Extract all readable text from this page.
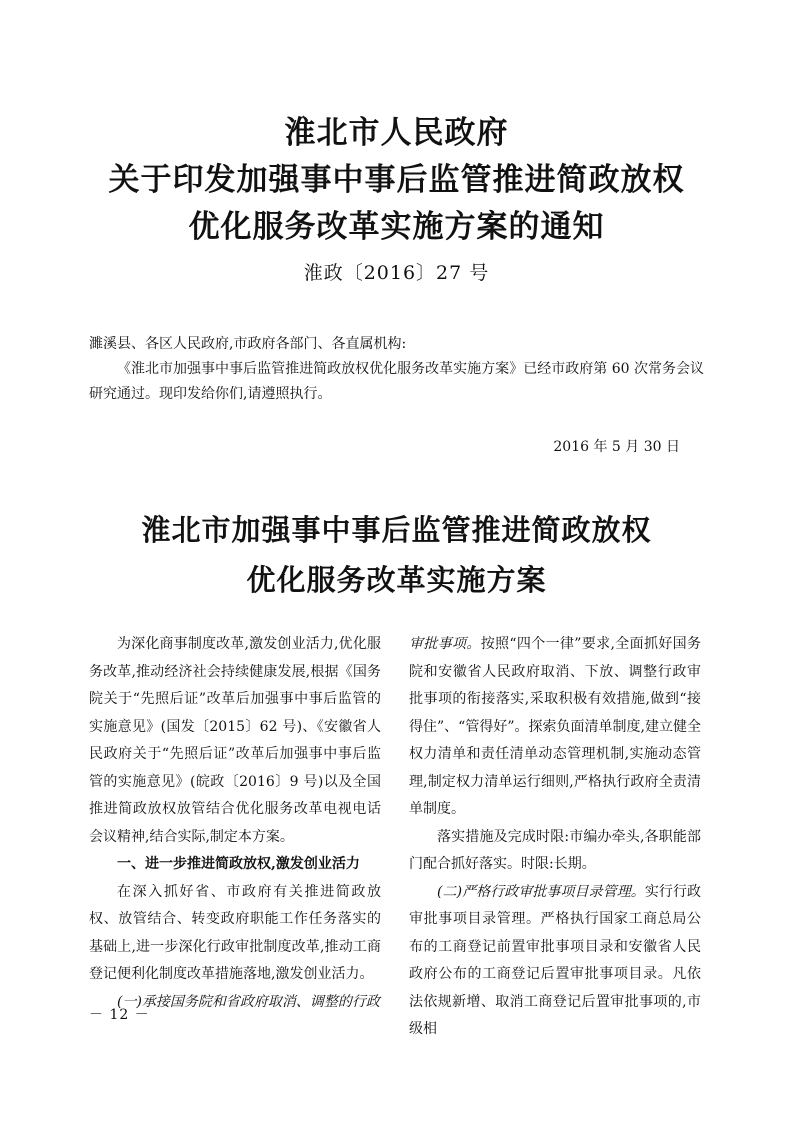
淮北市人民政府
关于印发加强事中事后监管推进简政放权
优化服务改革实施方案的通知
淮政〔2016〕27 号
濉溪县、各区人民政府,市政府各部门、各直属机构:
《淮北市加强事中事后监管推进简政放权优化服务改革实施方案》已经市政府第 60 次常务会议研究通过。现印发给你们,请遵照执行。
2016 年 5 月 30 日
淮北市加强事中事后监管推进简政放权
优化服务改革实施方案

为深化商事制度改革,激发创业活力,优化服务改革,推动经济社会持续健康发展,根据《国务院关于“先照后证”改革后加强事中事后监管的实施意见》(国发〔2015〕62 号)、《安徽省人民政府关于“先照后证”改革后加强事中事后监管的实施意见》(皖政〔2016〕9 号)以及全国推进简政放权放管结合优化服务改革电视电话会议精神,结合实际,制定本方案。

一、进一步推进简政放权,激发创业活力

在深入抓好省、市政府有关推进简政放权、放管结合、转变政府职能工作任务落实的基础上,进一步深化行政审批制度改革,推动工商登记便利化制度改革措施落地,激发创业活力。

(一)承接国务院和省政府取消、调整的行政

审批事项。按照“四个一律”要求,全面抓好国务院和安徽省人民政府取消、下放、调整行政审批事项的衔接落实,采取积极有效措施,做到“接得住”、“管得好”。探索负面清单制度,建立健全权力清单和责任清单动态管理机制,实施动态管理,制定权力清单运行细则,严格执行政府全责清单制度。

落实措施及完成时限:市编办牵头,各职能部门配合抓好落实。时限:长期。

(二)严格行政审批事项目录管理。实行行政审批事项目录管理。严格执行国家工商总局公布的工商登记前置审批事项目录和安徽省人民政府公布的工商登记后置审批事项目录。凡依法依规新增、取消工商登记后置审批事项的,市级相

－ 12 －
